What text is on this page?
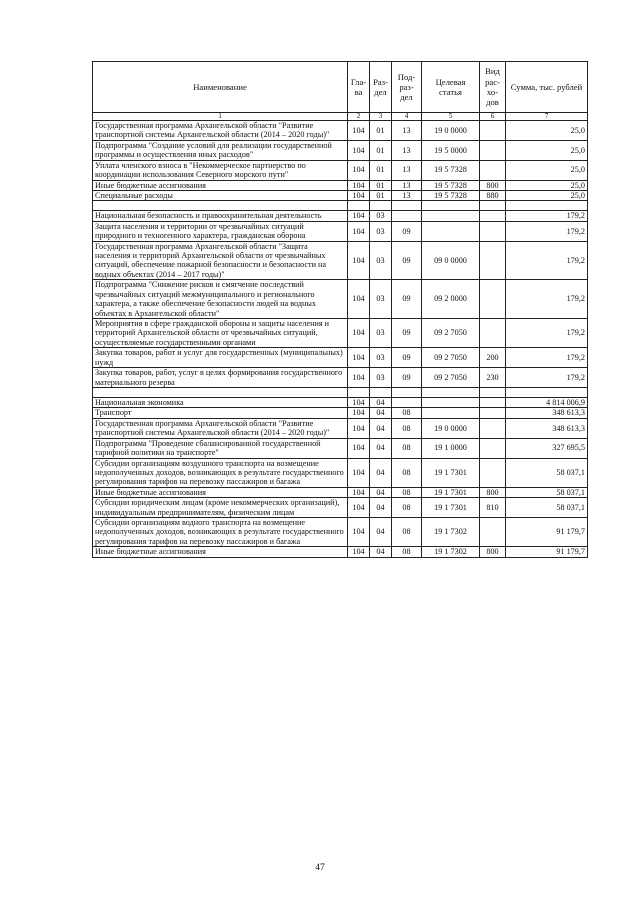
Наименование	Гла-ва	Раз-дел	Под-раз-дел	Целевая статья	Вид рас-хо-дов	Сумма, тыс. рублей
1	2	3	4	5	6	7
Государственная программа Архангельской области "Развитие транспортной системы Архангельской области (2014 – 2020 годы)"	104	01	13	19 0 0000		25,0
Подпрограмма "Создание условий для реализации государственной программы и осуществления иных расходов"	104	01	13	19 5 0000		25,0
Уплата членского взноса в "Некоммерческое партнерство по координации использования Северного морского пути"	104	01	13	19 5 7328		25,0
Иные бюджетные ассигнования	104	01	13	19 5 7328	800	25,0
Специальные расходы	104	01	13	19 5 7328	880	25,0

Национальная безопасность и правоохранительная деятельность	104	03				179,2
Защита населения и территории от чрезвычайных ситуаций природного и техногенного характера, гражданская оборона	104	03	09			179,2
Государственная программа Архангельской области "Защита населения и территорий Архангельской области от чрезвычайных ситуаций, обеспечение пожарной безопасности и безопасности на водных объектах (2014 – 2017 годы)"	104	03	09	09 0 0000		179,2
Подпрограмма "Снижение рисков и смягчение последствий чрезвычайных ситуаций межмуниципального и регионального характера, а также обеспечение безопасности людей на водных объектах в Архангельской области"	104	03	09	09 2 0000		179,2
Мероприятия в сфере гражданской обороны и защиты населения и территорий Архангельской области от чрезвычайных ситуаций, осуществляемые государственными органами	104	03	09	09 2 7050		179,2
Закупка товаров, работ и услуг для государственных (муниципальных) нужд	104	03	09	09 2 7050	200	179,2
Закупка товаров, работ, услуг в целях формирования государственного материального резерва	104	03	09	09 2 7050	230	179,2

Национальная экономика	104	04				4 814 006,9
Транспорт	104	04	08			348 613,3
Государственная программа Архангельской области "Развитие транспортной системы Архангельской области (2014 – 2020 годы)"	104	04	08	19 0 0000		348 613,3
Подпрограмма "Проведение сбалансированной государственной тарифной политики на транспорте"	104	04	08	19 1 0000		327 695,5
Субсидии организациям воздушного транспорта на возмещение недополученных доходов, возникающих в результате государственного регулирования тарифов на перевозку пассажиров и багажа	104	04	08	19 1 7301		58 037,1
Иные бюджетные ассигнования	104	04	08	19 1 7301	800	58 037,1
Субсидии юридическим лицам (кроме некоммерческих организаций), индивидуальным предпринимателям, физическим лицам	104	04	08	19 1 7301	810	58 037,1
Субсидии организациям водного транспорта на возмещение недополученных доходов, возникающих в результате государственного регулирования тарифов на перевозку пассажиров и багажа	104	04	08	19 1 7302		91 179,7
Иные бюджетные ассигнования	104	04	08	19 1 7302	800	91 179,7
47
